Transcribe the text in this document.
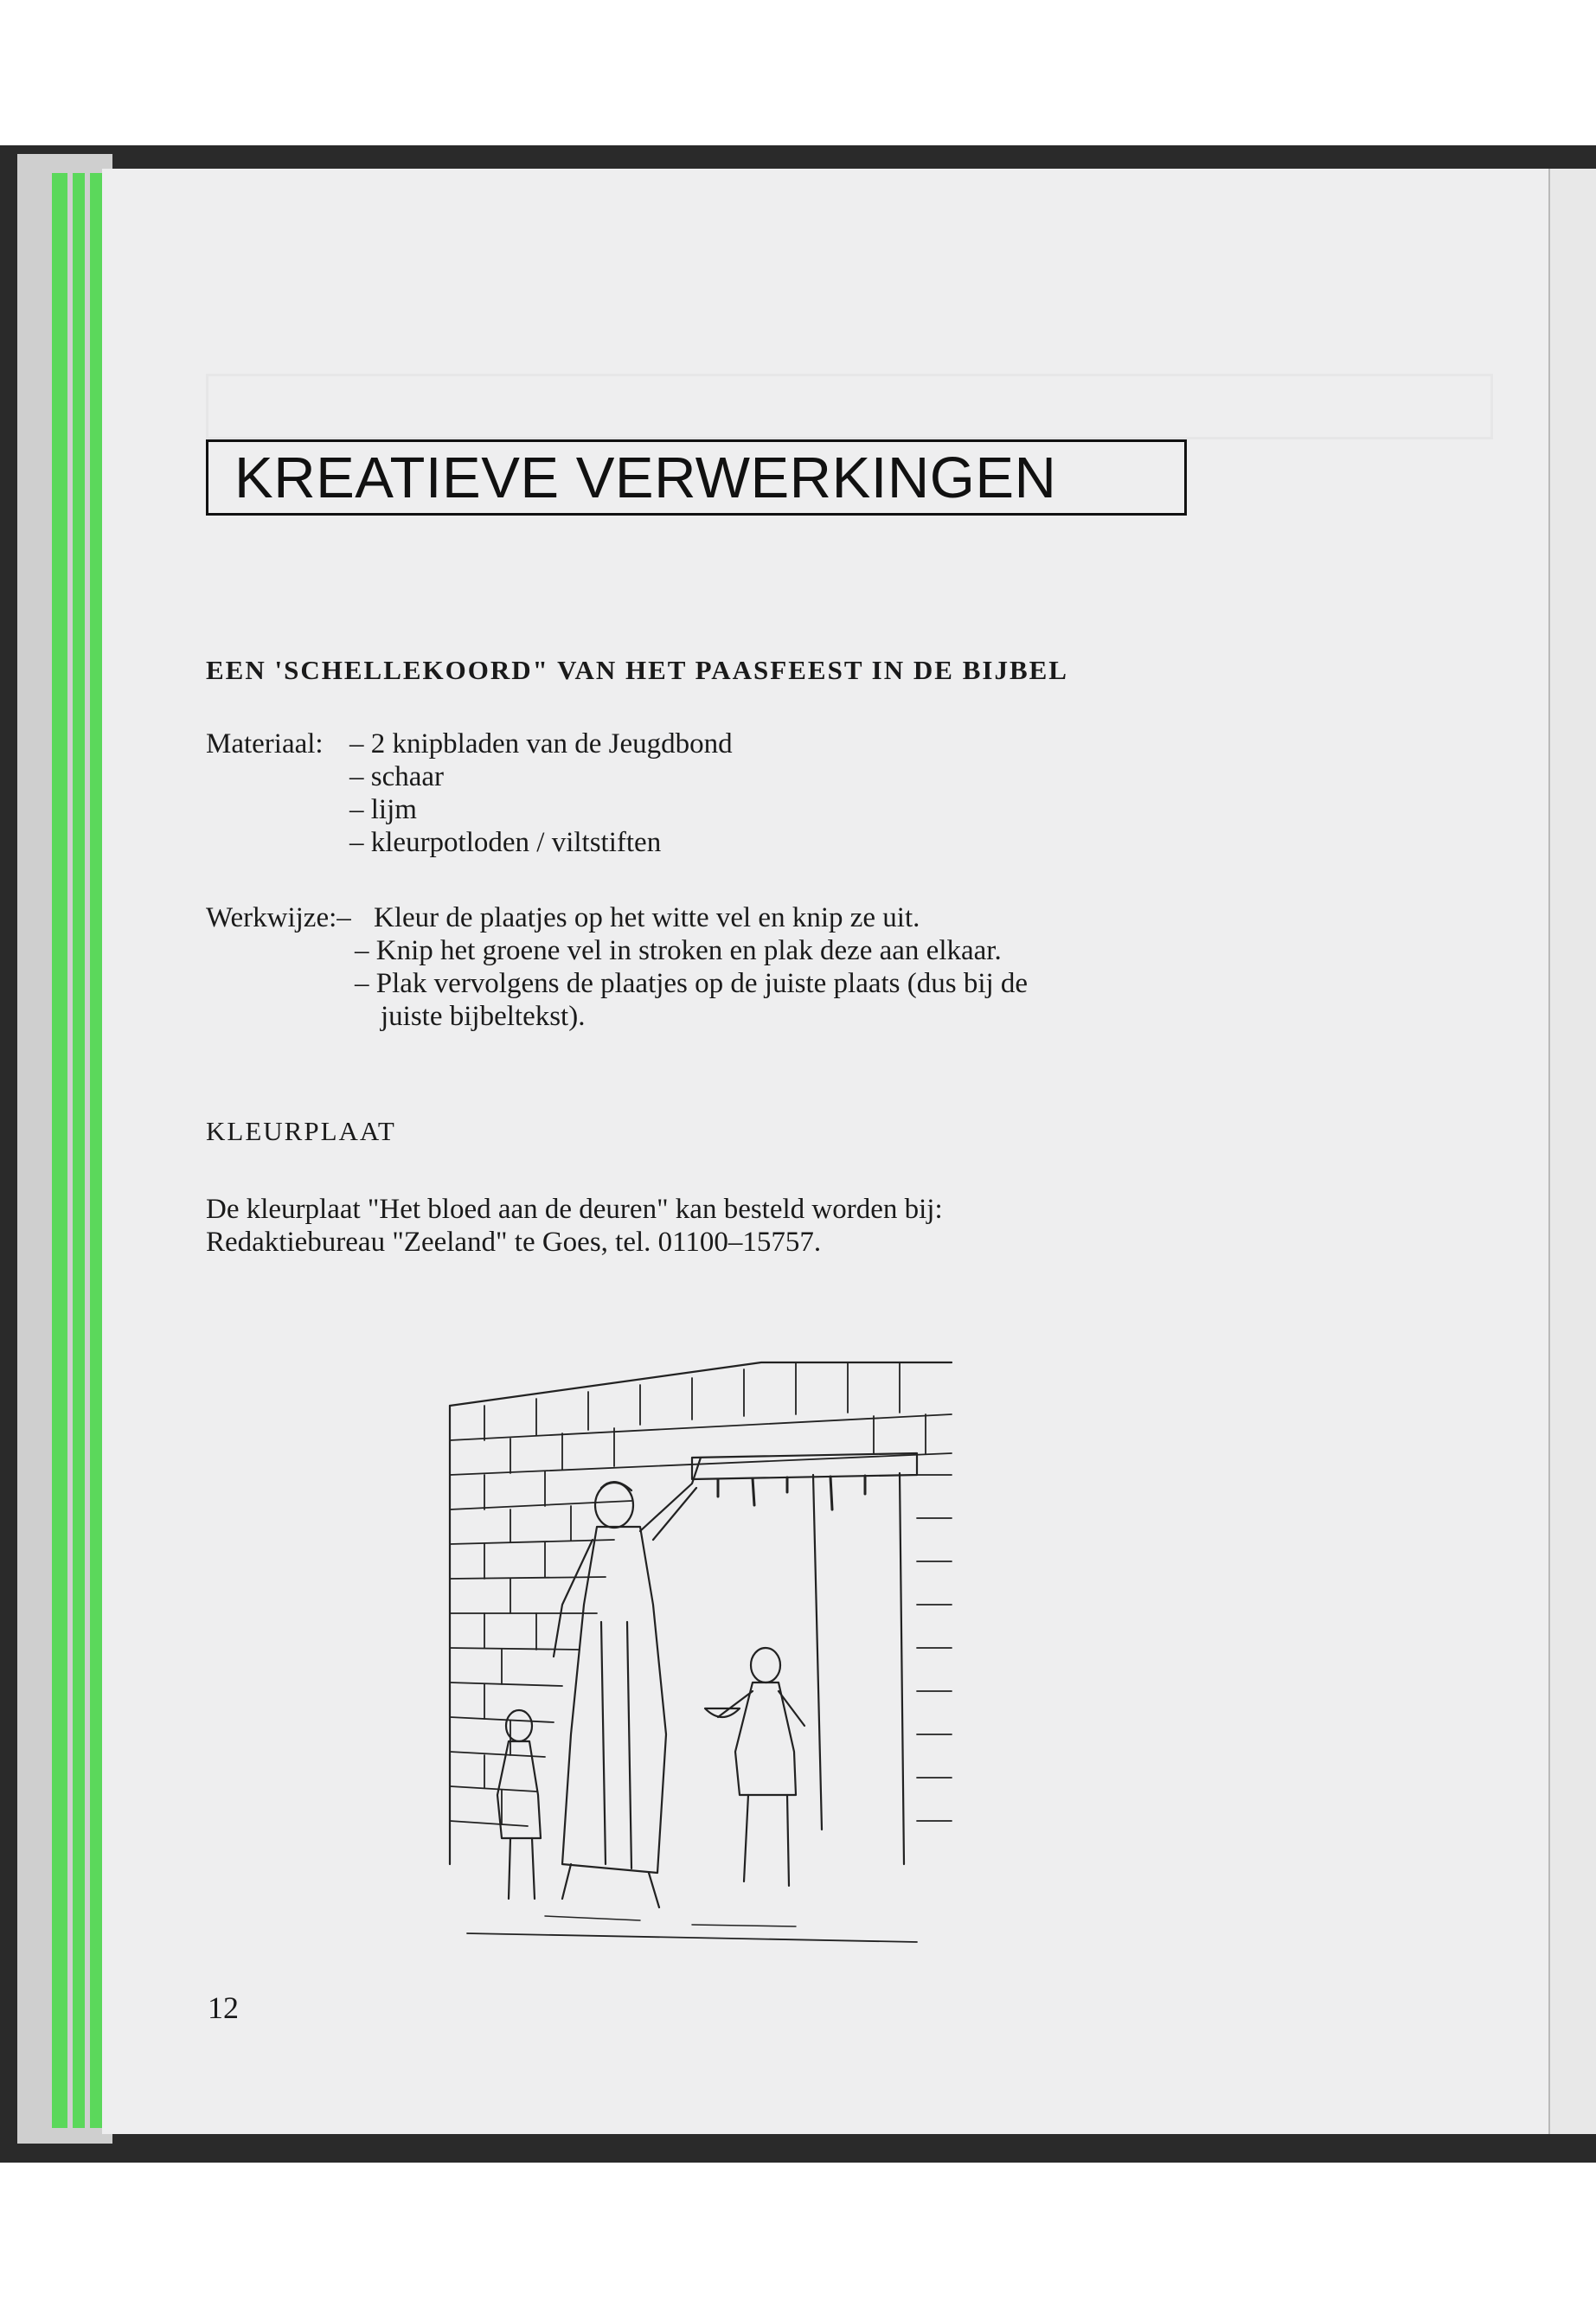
KREATIEVE VERWERKINGEN
EEN 'SCHELLEKOORD" VAN HET PAASFEEST IN DE BIJBEL
Materiaal: – 2 knipbladen van de Jeugdbond
– schaar
– lijm
– kleurpotloden / viltstiften
Werkwijze:– Kleur de plaatjes op het witte vel en knip ze uit.
– Knip het groene vel in stroken en plak deze aan elkaar.
– Plak vervolgens de plaatjes op de juiste plaats (dus bij de
juiste bijbeltekst).
KLEURPLAAT
De kleurplaat "Het bloed aan de deuren" kan besteld worden bij:
Redaktiebureau "Zeeland" te Goes, tel. 01100–15757.
12
